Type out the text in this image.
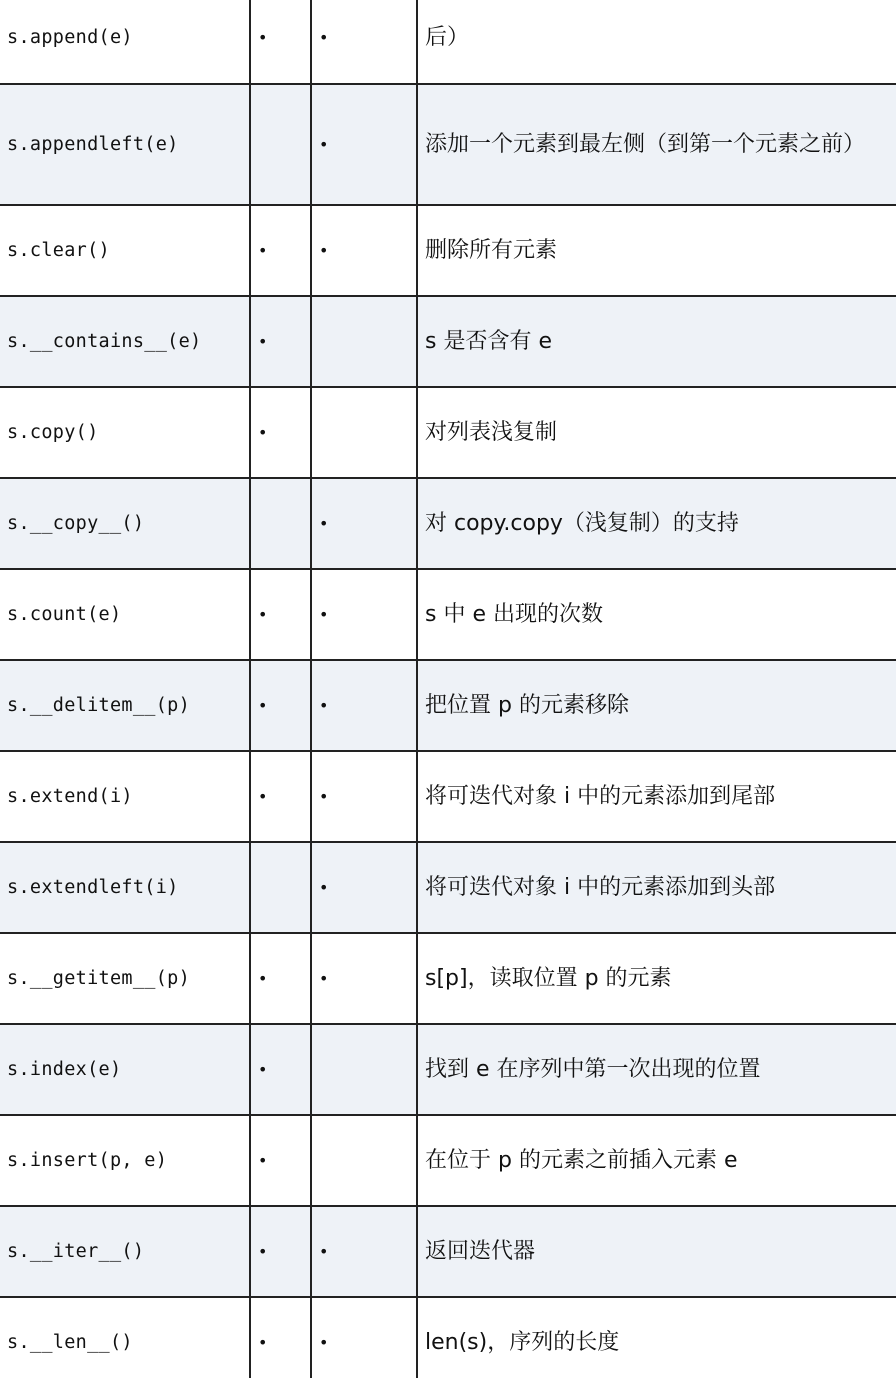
s.append(e)	•	•	后）
s.appendleft(e)		•	添加一个元素到最左侧（到第一个元素之前）
s.clear()	•	•	删除所有元素
s.__contains__(e)	•		s 是否含有 e
s.copy()	•		对列表浅复制
s.__copy__()		•	对 copy.copy（浅复制）的支持
s.count(e)	•	•	s 中 e 出现的次数
s.__delitem__(p)	•	•	把位置 p 的元素移除
s.extend(i)	•	•	将可迭代对象 i 中的元素添加到尾部
s.extendleft(i)		•	将可迭代对象 i 中的元素添加到头部
s.__getitem__(p)	•	•	s[p]，读取位置 p 的元素
s.index(e)	•		找到 e 在序列中第一次出现的位置
s.insert(p, e)	•		在位于 p 的元素之前插入元素 e
s.__iter__()	•	•	返回迭代器
s.__len__()	•	•	len(s)，序列的长度
